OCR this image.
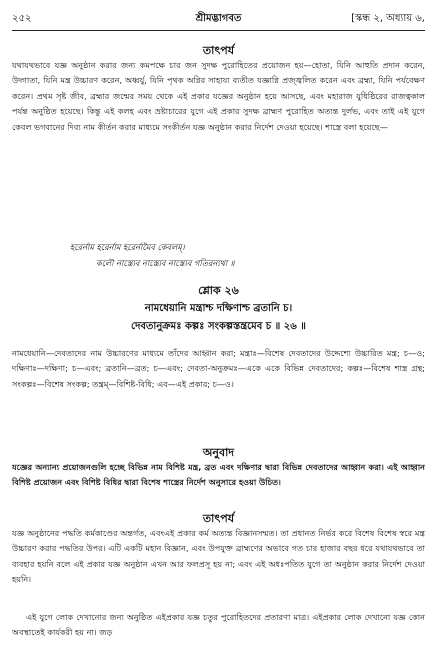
২৫২	শ্রীমদ্ভাগবত	[স্কন্ধ ২, অধ্যায় ৬,
তাৎপর্য

যথাযথভাবে যজ্ঞ অনুষ্ঠান করার জন্য কমপক্ষে চার জন সুদক্ষ পুরোহিতের প্রয়োজন হয়—হোতা, যিনি আহুতি প্রদান করেন, উদ্গাতা, যিনি মন্ত্র উচ্চারণ করেন, অধ্বর্যু, যিনি পৃথক অগ্নির সাহায্য ব্যতীত যজ্ঞাগ্নি প্রজ্জ্বলিত করেন এবং ব্রহ্মা, যিনি পর্যবেক্ষণ করেন। প্রথম সৃষ্ট জীব, ব্রহ্মার জন্মের সময় থেকে এই প্রকার যজ্ঞের অনুষ্ঠান হয়ে আসছে, এবং মহারাজ যুধিষ্ঠিরের রাজত্বকাল পর্যন্ত অনুষ্ঠিত হয়েছে। কিন্তু এই কলহ এবং ভ্রষ্টাচারের যুগে এই প্রকার সুদক্ষ ব্রাহ্মণ পুরোহিত অত্যন্ত দুর্লভ, এবং তাই এই যুগে কেবল ভগবানের দিব্য নাম কীর্তন করার মাধ্যমে সংকীর্তন যজ্ঞ অনুষ্ঠান করার নির্দেশ দেওয়া হয়েছে। শাস্ত্রে বলা হয়েছে—

হরের্নাম হরের্নাম হরের্নামৈব কেবলম্‌।
কলৌ নাস্ত্যেব নাস্ত্যেব নাস্ত্যেব গতিরন্যথা ॥
শ্লোক ২৬
নামধেয়ানি মন্ত্রাশ্চ দক্ষিণাশ্চ ব্রতানি চ।
দেবতানুক্রমঃ কল্পঃ সংকল্পস্তন্ত্রমেব চ ॥ ২৬ ॥

নামধেয়ানি—দেবতাদের নাম উচ্চারণের মাধ্যমে তাঁদের আহ্বান করা; মন্ত্রাঃ—বিশেষ দেবতাদের উদ্দেশ্যে উচ্চারিত মন্ত্র; চ—ও; দক্ষিণাঃ—দক্ষিণা; চ—এবং; ব্রতানি—ব্রত; চ—এবং; দেবতা-অনুক্রমঃ—একে একে বিভিন্ন দেবতাদের; কল্পঃ—বিশেষ শাস্ত্র গ্রন্থ; সংকল্পঃ—বিশেষ সংকল্প; তন্ত্রম্—বিশিষ্ট-বিধি; এব—এই প্রকার; চ—ও।

অনুবাদ

যজ্ঞের অন্যান্য প্রয়োজনগুলি হচ্ছে বিভিন্ন নাম বিশিষ্ট মন্ত্র, ব্রত এবং দক্ষিণার দ্বারা বিভিন্ন দেবতাদের আহ্বান করা। এই আহ্বান বিশিষ্ট প্রয়োজন এবং বিশিষ্ট বিধির দ্বারা বিশেষ শাস্ত্রের নির্দেশ অনুসারে হওয়া উচিত।

তাৎপর্য

যজ্ঞ অনুষ্ঠানের পদ্ধতি কর্মকাণ্ডের অন্তর্গত, এবংএই প্রকার কর্ম অত্যন্ত বিজ্ঞানসম্মত। তা প্রধানত নির্ভর করে বিশেষ বিশেষ স্বরে মন্ত্র উচ্চারণ করার পদ্ধতির উপর। এটি একটি মহান বিজ্ঞান, এবং উপযুক্ত ব্রাহ্মণের অভাবে গত চার হাজার বছর ধরে যথাযথভাবে তা ব্যবহার হয়নি বলে এই প্রকার যজ্ঞ অনুষ্ঠান এখন আর ফলপ্রসূ হয় না; এবং এই অধঃপতিত যুগে তা অনুষ্ঠান করার নির্দেশ দেওয়া হয়নি।

এই যুগে লোক দেখানোর জন্য অনুষ্ঠিত এইপ্রকার যজ্ঞ চতুর পুরোহিতদের প্রতারণা মাত্র। এইপ্রকার লোক দেখানো যজ্ঞ কোন অবস্থাতেই কার্যকরী হয় না। জড়
